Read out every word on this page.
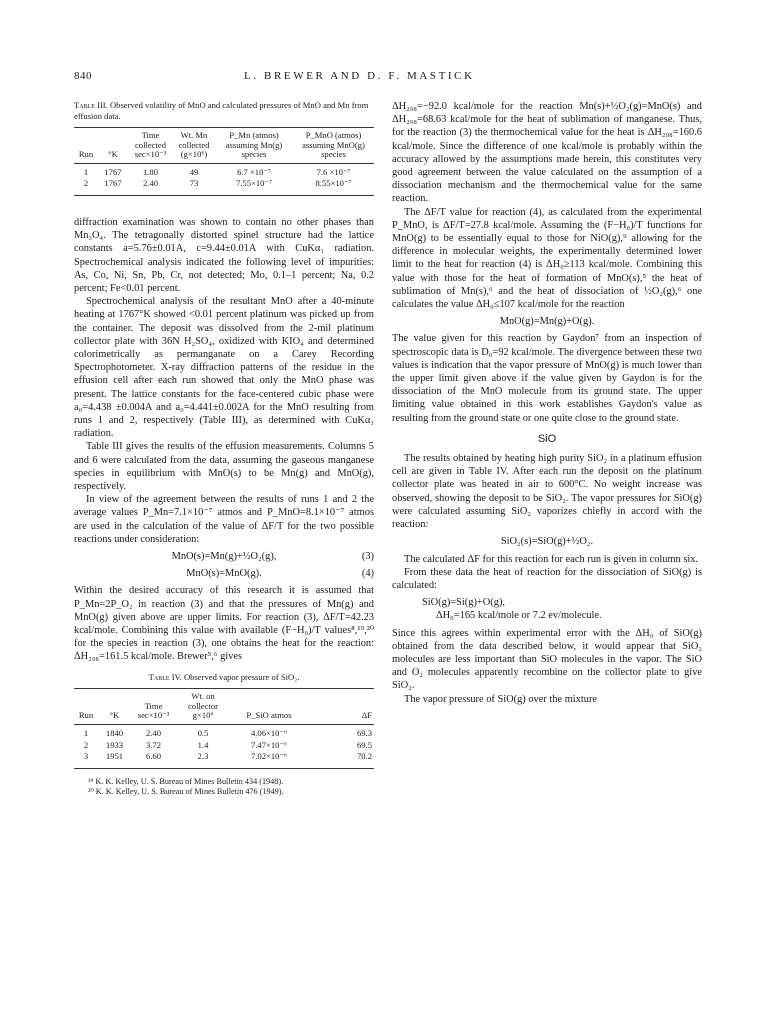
840	L. BREWER AND D. F. MASTICK

Table III. Observed volatility of MnO and calculated pressures of MnO and Mn from effusion data.

Run	°K	Time collected sec×10⁻³	Wt. Mn collected (g×10⁶)	P_Mn (atmos) assuming Mn(g) species	P_MnO (atmos) assuming MnO(g) species
1	1767	1.80	49	6.7 ×10⁻⁷	7.6 ×10⁻⁷
2	1767	2.40	73	7.55×10⁻⁷	8.55×10⁻⁷

diffraction examination was shown to contain no other phases than Mn₃O₄. The tetragonally distorted spinel structure had the lattice constants a=5.76±0.01A, c=9.44±0.01A with CuKα₁ radiation. Spectrochemical analysis indicated the following level of impurities: As, Co, Ni, Sn, Pb, Cr, not detected; Mo, 0.1–1 percent; Na, 0.2 percent; Fe<0.01 percent.

Spectrochemical analysis of the resultant MnO after a 40-minute heating at 1767°K showed <0.01 percent platinum was picked up from the container. The deposit was dissolved from the 2-mil platinum collector plate with 36N H₂SO₄, oxidized with KIO₄ and determined colorimetrically as permanganate on a Carey Recording Spectrophotometer. X-ray diffraction patterns of the residue in the effusion cell after each run showed that only the MnO phase was present. The lattice constants for the face-centered cubic phase were a₀=4.438 ±0.004A and a₀=4.441±0.002A for the MnO resulting from runs 1 and 2, respectively (Table III), as determined with CuKα₁ radiation.

Table III gives the results of the effusion measurements. Columns 5 and 6 were calculated from the data, assuming the gaseous manganese species in equilibrium with MnO(s) to be Mn(g) and MnO(g), respectively.

In view of the agreement between the results of runs 1 and 2 the average values P_Mn=7.1×10⁻⁷ atmos and P_MnO=8.1×10⁻⁷ atmos are used in the calculation of the value of ΔF/T for the two possible reactions under consideration:

MnO(s)=Mn(g)+½O₂(g),	(3)
MnO(s)=MnO(g).	(4)

Within the desired accuracy of this research it is assumed that P_Mn=2P_O₂ in reaction (3) and that the pressures of Mn(g) and MnO(g) given above are upper limits. For reaction (3), ΔF/T=42.23 kcal/mole. Combining this value with available (F−H₀)/T values⁸,¹⁹,²⁰ for the species in reaction (3), one obtains the heat for the reaction: ΔH₂₉₈=161.5 kcal/mole. Brewer⁵,⁶ gives

Table IV. Observed vapor pressure of SiO₂.

Run	°K	Time sec×10⁻³	Wt. on collector g×10⁶	P_SiO atmos	ΔF
1	1840	2.40	0.5	4.06×10⁻⁶	69.3
2	1933	3.72	1.4	7.47×10⁻⁶	69.5
3	1951	6.60	2.3	7.02×10⁻⁶	70.2

¹⁹ K. K. Kelley, U. S. Bureau of Mines Bulletin 434 (1948).

²⁰ K. K. Kelley, U. S. Bureau of Mines Bulletin 476 (1949).

ΔH₂₉₈=−92.0 kcal/mole for the reaction Mn(s)+½O₂(g)=MnO(s) and ΔH₂₉₈=68.63 kcal/mole for the heat of sublimation of manganese. Thus, for the reaction (3) the thermochemical value for the heat is ΔH₂₉₈=160.6 kcal/mole. Since the difference of one kcal/mole is probably within the accuracy allowed by the assumptions made herein, this constitutes very good agreement between the value calculated on the assumption of a dissociation mechanism and the thermochemical value for the same reaction.

The ΔF/T value for reaction (4), as calculated from the experimental P_MnO, is ΔF/T=27.8 kcal/mole. Assuming the (F−H₀)/T functions for MnO(g) to be essentially equal to those for NiO(g),⁹ allowing for the difference in molecular weights, the experimentally determined lower limit to the heat for reaction (4) is ΔH₀≥113 kcal/mole. Combining this value with those for the heat of formation of MnO(s),⁵ the heat of sublimation of Mn(s),⁶ and the heat of dissociation of ½O₂(g),⁶ one calculates the value ΔH₀≤107 kcal/mole for the reaction

MnO(g)=Mn(g)+O(g).

The value given for this reaction by Gaydon⁷ from an inspection of spectroscopic data is D₀=92 kcal/mole. The divergence between these two values is indication that the vapor pressure of MnO(g) is much lower than the upper limit given above if the value given by Gaydon is for the dissociation of the MnO molecule from its ground state. The upper limiting value obtained in this work establishes Gaydon's value as resulting from the ground state or one quite close to the ground state.

SiO

The results obtained by heating high purity SiO₂ in a platinum effusion cell are given in Table IV. After each run the deposit on the platinum collector plate was heated in air to 600°C. No weight increase was observed, showing the deposit to be SiO₂. The vapor pressures for SiO(g) were calculated assuming SiO₂ vaporizes chiefly in accord with the reaction:

SiO₂(s)=SiO(g)+½O₂.

The calculated ΔF for this reaction for each run is given in column six.

From these data the heat of reaction for the dissociation of SiO(g) is calculated:

SiO(g)=Si(g)+O(g),
ΔH₀=165 kcal/mole or 7.2 ev/molecule.

Since this agrees within experimental error with the ΔH₀ of SiO(g) obtained from the data described below, it would appear that SiO₂ molecules are less important than SiO molecules in the vapor. The SiO and O₂ molecules apparently recombine on the collector plate to give SiO₂.

The vapor pressure of SiO(g) over the mixture
